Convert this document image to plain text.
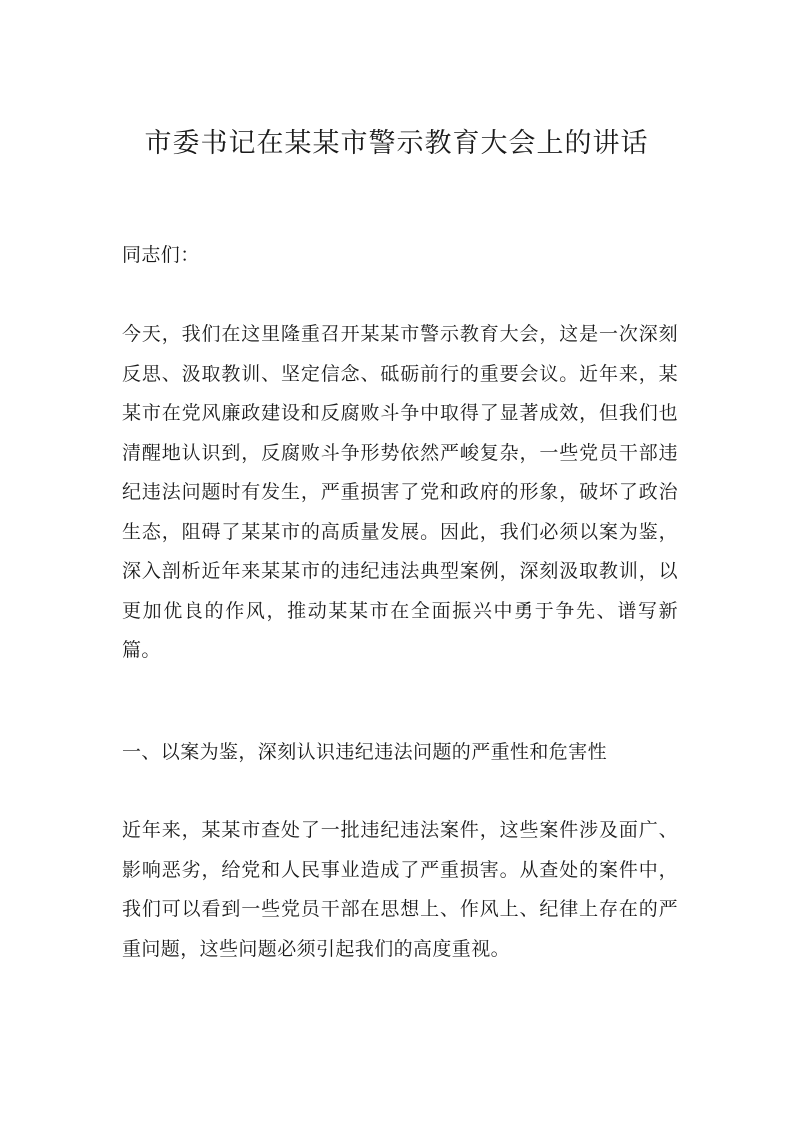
市委书记在某某市警示教育大会上的讲话

同志们：

今天，我们在这里隆重召开某某市警示教育大会，这是一次深刻反思、汲取教训、坚定信念、砥砺前行的重要会议。近年来，某某市在党风廉政建设和反腐败斗争中取得了显著成效，但我们也清醒地认识到，反腐败斗争形势依然严峻复杂，一些党员干部违纪违法问题时有发生，严重损害了党和政府的形象，破坏了政治生态，阻碍了某某市的高质量发展。因此，我们必须以案为鉴，深入剖析近年来某某市的违纪违法典型案例，深刻汲取教训，以更加优良的作风，推动某某市在全面振兴中勇于争先、谱写新篇。

一、以案为鉴，深刻认识违纪违法问题的严重性和危害性

近年来，某某市查处了一批违纪违法案件，这些案件涉及面广、影响恶劣，给党和人民事业造成了严重损害。从查处的案件中，我们可以看到一些党员干部在思想上、作风上、纪律上存在的严重问题，这些问题必须引起我们的高度重视。
